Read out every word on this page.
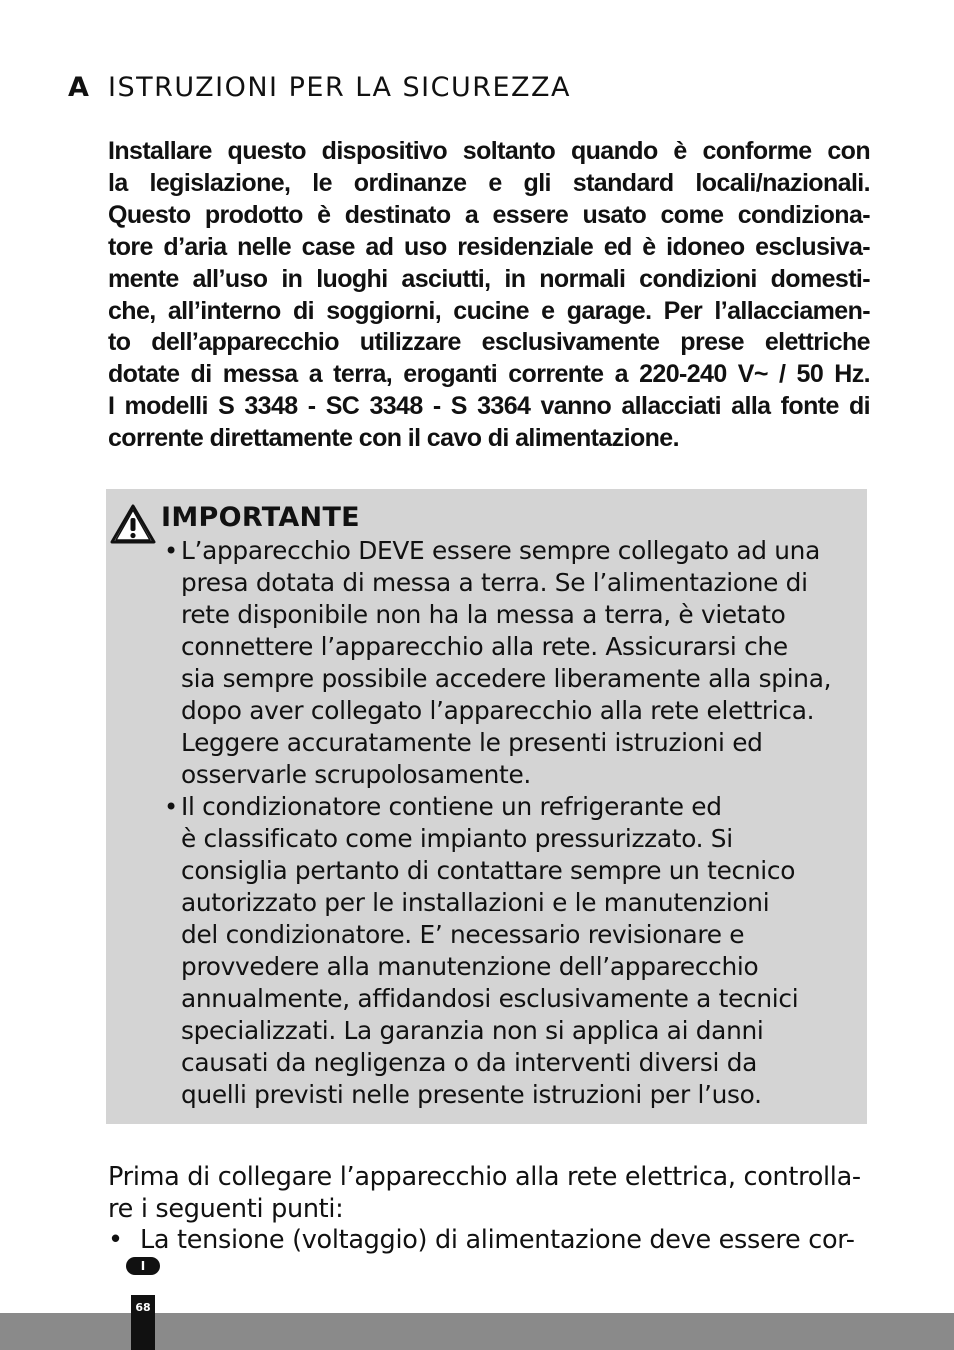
A ISTRUZIONI PER LA SICUREZZA

Installare questo dispositivo soltanto quando è conforme con
la legislazione, le ordinanze e gli standard locali/nazionali.
Questo prodotto è destinato a essere usato come condiziona-
tore d’aria nelle case ad uso residenziale ed è idoneo esclusiva-
mente all’uso in luoghi asciutti, in normali condizioni domesti-
che, all’interno di soggiorni, cucine e garage. Per l’allacciamen-
to dell’apparecchio utilizzare esclusivamente prese elettriche
dotate di messa a terra, eroganti corrente a 220-240 V~ / 50 Hz.
I modelli S 3348 - SC 3348 - S 3364 vanno allacciati alla fonte di
corrente direttamente con il cavo di alimentazione.

IMPORTANTE
• L’apparecchio DEVE essere sempre collegato ad una
presa dotata di messa a terra. Se l’alimentazione di
rete disponibile non ha la messa a terra, è vietato
connettere l’apparecchio alla rete. Assicurarsi che
sia sempre possibile accedere liberamente alla spina,
dopo aver collegato l’apparecchio alla rete elettrica.
Leggere accuratamente le presenti istruzioni ed
osservarle scrupolosamente.
• Il condizionatore contiene un refrigerante ed
è classificato come impianto pressurizzato. Si
consiglia pertanto di contattare sempre un tecnico
autorizzato per le installazioni e le manutenzioni
del condizionatore. E’ necessario revisionare e
provvedere alla manutenzione dell’apparecchio
annualmente, affidandosi esclusivamente a tecnici
specializzati. La garanzia non si applica ai danni
causati da negligenza o da interventi diversi da
quelli previsti nelle presente istruzioni per l’uso.
Prima di collegare l’apparecchio alla rete elettrica, controlla-
re i seguenti punti:
• La tensione (voltaggio) di alimentazione deve essere cor-
I
68
